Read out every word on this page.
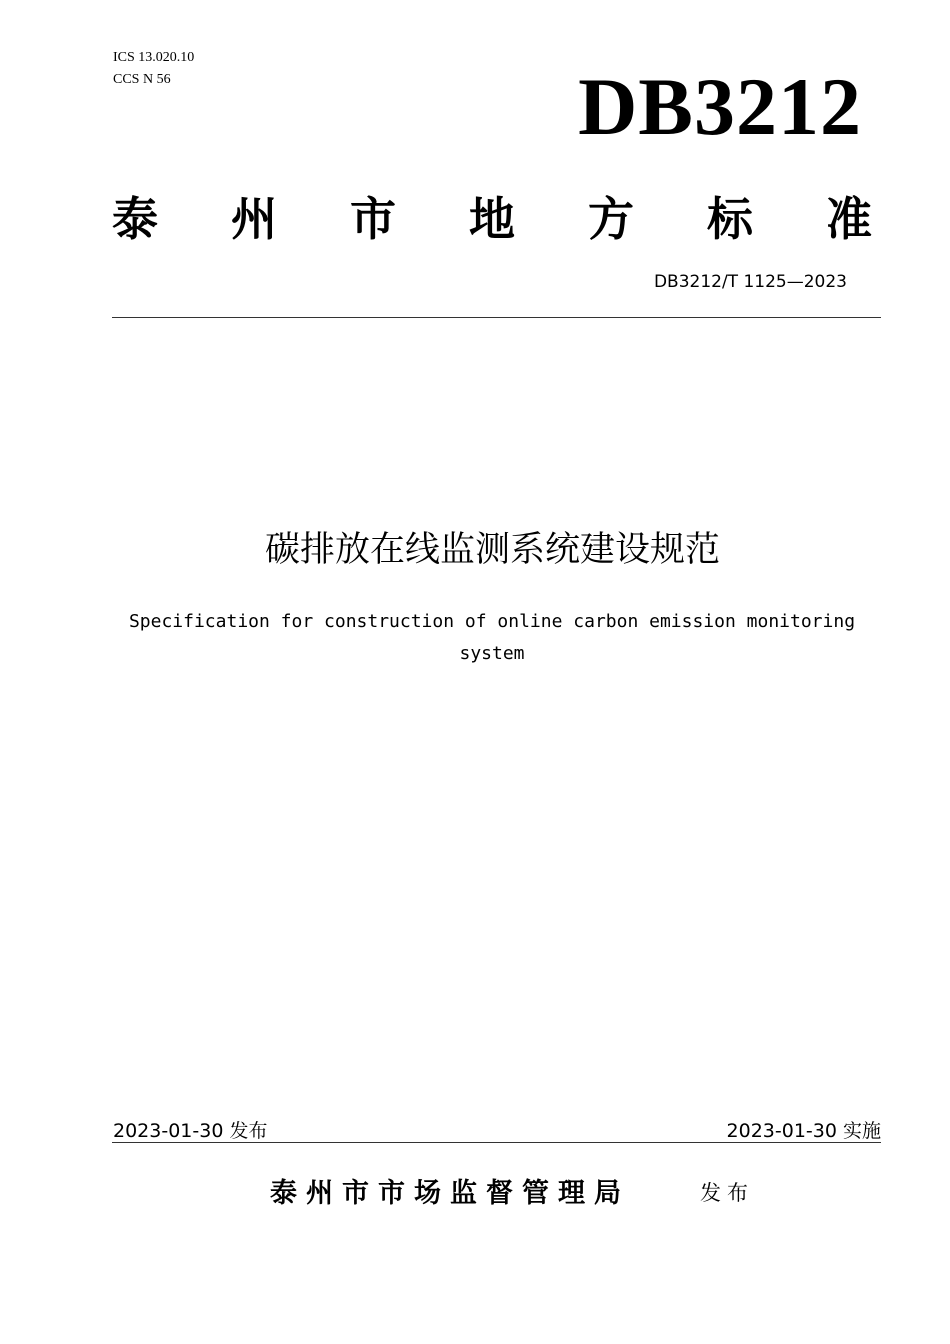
ICS 13.020.10
CCS N 56	DB3212
泰 州 市 地 方 标 准
DB3212/T 1125—2023
碳排放在线监测系统建设规范
Specification for construction of online carbon emission monitoring system
2023-01-30 发布	2023-01-30 实施
泰州市市场监督管理局	发布
